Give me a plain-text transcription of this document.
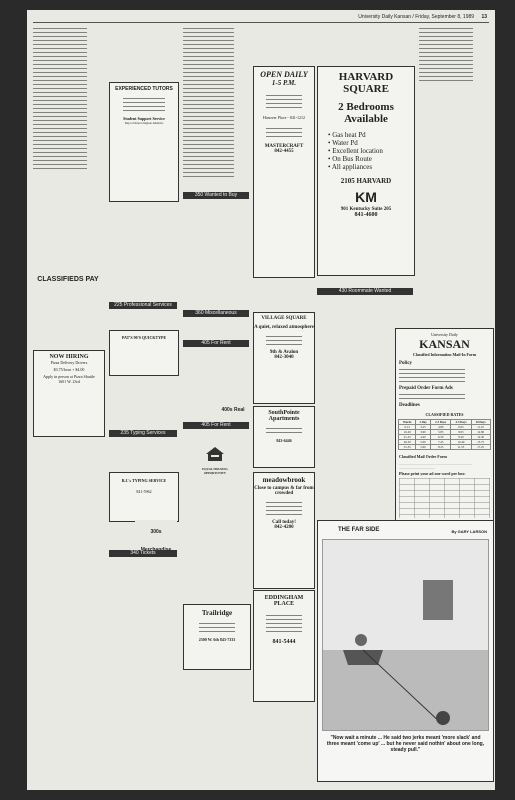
University Daily Kansan / Friday, September 8, 1989 13
▬▬▬▬▬▬▬▬▬▬▬▬▬▬▬▬▬▬ ▬▬▬▬▬▬▬▬▬▬▬▬▬▬▬▬▬▬ ▬▬▬▬▬▬▬▬▬▬▬▬▬▬▬▬▬▬ ▬▬▬▬▬▬▬▬▬▬▬▬▬▬▬▬▬▬ ▬▬▬▬▬▬▬▬▬▬▬▬▬▬▬▬▬▬ ▬▬▬▬▬▬▬▬▬▬▬▬▬▬▬▬▬▬ ▬▬▬▬▬▬▬▬▬▬▬▬▬▬▬▬▬▬ ▬▬▬▬▬▬▬▬▬▬▬▬▬▬▬▬▬▬ ▬▬▬▬▬▬▬▬▬▬▬▬▬▬▬▬▬▬ ▬▬▬▬▬▬▬▬▬▬▬▬▬▬▬▬▬▬ ▬▬▬▬▬▬▬▬▬▬▬▬▬▬▬▬▬▬ ▬▬▬▬▬▬▬▬▬▬▬▬▬▬▬▬▬▬ ▬▬▬▬▬▬▬▬▬▬▬▬▬▬▬▬▬▬ ▬▬▬▬▬▬▬▬▬▬▬▬▬▬▬▬▬▬ ▬▬▬▬▬▬▬▬▬▬▬▬▬▬▬▬▬▬ ▬▬▬▬▬▬▬▬▬▬▬▬▬▬▬▬▬▬ ▬▬▬▬▬▬▬▬▬▬▬▬▬▬▬▬▬▬ ▬▬▬▬▬▬▬▬▬▬▬▬▬▬▬▬▬▬ ▬▬▬▬▬▬▬▬▬▬▬▬▬▬▬▬▬▬ ▬▬▬▬▬▬▬▬▬▬▬▬▬▬▬▬▬▬ ▬▬▬▬▬▬▬▬▬▬▬▬▬▬▬▬▬▬ ▬▬▬▬▬▬▬▬▬▬▬▬▬▬▬▬▬▬ ▬▬▬▬▬▬▬▬▬▬▬▬▬▬▬▬▬▬ ▬▬▬▬▬▬▬▬▬▬▬▬▬▬▬▬▬▬ ▬▬▬▬▬▬▬▬▬▬▬▬▬▬▬▬▬▬ ▬▬▬▬▬▬▬▬▬▬▬▬▬▬▬▬▬▬ ▬▬▬▬▬▬▬▬▬▬▬▬▬▬▬▬▬▬ ▬▬▬▬▬▬▬▬▬▬▬▬▬▬▬▬▬▬ ▬▬▬▬▬▬▬▬▬▬▬▬▬▬▬▬▬▬ ▬▬▬▬▬▬▬▬▬▬▬▬▬▬▬▬▬▬ ▬▬▬▬▬▬▬▬▬▬▬▬▬▬▬▬▬▬ ▬▬▬▬▬▬▬▬▬▬▬▬▬▬▬▬▬▬ ▬▬▬▬▬▬▬▬▬▬▬▬▬▬▬▬▬▬ ▬▬▬▬▬▬▬▬▬▬▬▬▬▬▬▬▬▬ ▬▬▬▬▬▬▬▬▬▬▬▬▬▬▬▬▬▬ ▬▬▬▬▬▬▬▬▬▬▬▬▬▬▬▬▬▬
CLASSIFIEDS PAY
NOW HIRING
Pizza Delivery Drivers
$3.75/hour + $4.00
Apply in person at Pizza Shuttle
1601 W. 23rd
EXPERIENCED TUTORS
▬▬▬▬▬▬▬▬▬▬▬▬▬▬ ▬▬▬▬▬▬▬▬▬▬▬▬▬▬ ▬▬▬▬▬▬▬▬▬▬▬▬▬▬ ▬▬▬▬▬▬▬▬▬▬▬▬▬▬
Student Support Service
Dept of Intercollegiate Athletics
225 Professional Services
PAT'S 90'S QUICKTYPE
235 Typing Services
B.J.'s TYPING SERVICE
841-5962
300s
340 Tickets
▬▬▬▬▬▬▬▬▬▬▬▬▬▬▬▬▬ ▬▬▬▬▬▬▬▬▬▬▬▬▬▬▬▬▬ ▬▬▬▬▬▬▬▬▬▬▬▬▬▬▬▬▬ ▬▬▬▬▬▬▬▬▬▬▬▬▬▬▬▬▬ ▬▬▬▬▬▬▬▬▬▬▬▬▬▬▬▬▬ ▬▬▬▬▬▬▬▬▬▬▬▬▬▬▬▬▬ ▬▬▬▬▬▬▬▬▬▬▬▬▬▬▬▬▬ ▬▬▬▬▬▬▬▬▬▬▬▬▬▬▬▬▬ ▬▬▬▬▬▬▬▬▬▬▬▬▬▬▬▬▬ ▬▬▬▬▬▬▬▬▬▬▬▬▬▬▬▬▬ ▬▬▬▬▬▬▬▬▬▬▬▬▬▬▬▬▬ ▬▬▬▬▬▬▬▬▬▬▬▬▬▬▬▬▬ ▬▬▬▬▬▬▬▬▬▬▬▬▬▬▬▬▬ ▬▬▬▬▬▬▬▬▬▬▬▬▬▬▬▬▬ ▬▬▬▬▬▬▬▬▬▬▬▬▬▬▬▬▬ ▬▬▬▬▬▬▬▬▬▬▬▬▬▬▬▬▬ ▬▬▬▬▬▬▬▬▬▬▬▬▬▬▬▬▬ ▬▬▬▬▬▬▬▬▬▬▬▬▬▬▬▬▬ ▬▬▬▬▬▬▬▬▬▬▬▬▬▬▬▬▬ ▬▬▬▬▬▬▬▬▬▬▬▬▬▬▬▬▬ ▬▬▬▬▬▬▬▬▬▬▬▬▬▬▬▬▬ ▬▬▬▬▬▬▬▬▬▬▬▬▬▬▬▬▬ ▬▬▬▬▬▬▬▬▬▬▬▬▬▬▬▬▬ ▬▬▬▬▬▬▬▬▬▬▬▬▬▬▬▬▬ ▬▬▬▬▬▬▬▬▬▬▬▬▬▬▬▬▬ ▬▬▬▬▬▬▬▬▬▬▬▬▬▬▬▬▬ ▬▬▬▬▬▬▬▬▬▬▬▬▬▬▬▬▬ ▬▬▬▬▬▬▬▬▬▬▬▬▬▬▬▬▬ ▬▬▬▬▬▬▬▬▬▬▬▬▬▬▬▬▬ ▬▬▬▬▬▬▬▬▬▬▬▬▬▬▬▬▬ ▬▬▬▬▬▬▬▬▬▬▬▬▬▬▬▬▬ ▬▬▬▬▬▬▬▬▬▬▬▬▬▬▬▬▬ ▬▬▬▬▬▬▬▬▬▬▬▬▬▬▬▬▬ ▬▬▬▬▬▬▬▬▬▬▬▬▬▬▬▬▬ ▬▬▬▬▬▬▬▬▬▬▬▬▬▬▬▬▬ ▬▬▬▬▬▬▬▬▬▬▬▬▬▬▬▬▬ ▬▬▬▬▬▬▬▬▬▬▬▬▬▬▬▬▬ ▬▬▬▬▬▬▬▬▬▬▬▬▬▬▬▬▬
350 Wanted to Buy
360 Miscellaneous
405 For Rent
400s Real
405 For Rent
EQUAL HOUSING OPPORTUNITY
Trailridge
▬▬▬▬▬▬▬▬▬▬▬▬ ▬▬▬▬▬▬▬▬▬▬▬▬ ▬▬▬▬▬▬▬▬▬▬▬▬
2500 W. 6th 843-7333
OPEN DAILY
1-5 P.M.
▬▬▬▬▬▬▬▬▬▬▬▬ ▬▬▬▬▬▬▬▬▬▬▬▬ ▬▬▬▬▬▬▬▬▬▬▬▬ ▬▬▬▬▬▬▬▬▬▬▬▬
Hanover Place - 841-1212
▬▬▬▬▬▬▬▬▬▬▬▬ ▬▬▬▬▬▬▬▬▬▬▬▬ ▬▬▬▬▬▬▬▬▬▬▬▬
MASTERCRAFT
842-4455
VILLAGE SQUARE
A quiet, relaxed atmosphere
▬▬▬▬▬▬▬▬▬▬▬▬ ▬▬▬▬▬▬▬▬▬▬▬▬ ▬▬▬▬▬▬▬▬▬▬▬▬
9th & Avalon
842-3040
SouthPointe Apartments
▬▬▬▬▬▬▬▬▬▬▬▬ ▬▬▬▬▬▬▬▬▬▬▬▬
843-6446
meadowbrook
Close to campus & far from crowded
▬▬▬▬▬▬▬▬▬▬▬▬ ▬▬▬▬▬▬▬▬▬▬▬▬ ▬▬▬▬▬▬▬▬▬▬▬▬ ▬▬▬▬▬▬▬▬▬▬▬▬
Call today!
842-4200
EDDINGHAM PLACE
▬▬▬▬▬▬▬▬▬▬▬▬ ▬▬▬▬▬▬▬▬▬▬▬▬ ▬▬▬▬▬▬▬▬▬▬▬▬ ▬▬▬▬▬▬▬▬▬▬▬▬ ▬▬▬▬▬▬▬▬▬▬▬▬
841-5444
HARVARD
SQUARE
2 Bedrooms
Available
• Gas heat Pd
• Water Pd
• Excellent location
• On Bus Route
• All appliances
2105 HARVARD
KM
901 Kentucky Suite 205
841-4600
430 Roommate Wanted
▬▬▬▬▬▬▬▬▬▬▬▬▬▬▬▬▬▬ ▬▬▬▬▬▬▬▬▬▬▬▬▬▬▬▬▬▬ ▬▬▬▬▬▬▬▬▬▬▬▬▬▬▬▬▬▬ ▬▬▬▬▬▬▬▬▬▬▬▬▬▬▬▬▬▬ ▬▬▬▬▬▬▬▬▬▬▬▬▬▬▬▬▬▬ ▬▬▬▬▬▬▬▬▬▬▬▬▬▬▬▬▬▬ ▬▬▬▬▬▬▬▬▬▬▬▬▬▬▬▬▬▬ ▬▬▬▬▬▬▬▬▬▬▬▬▬▬▬▬▬▬ ▬▬▬▬▬▬▬▬▬▬▬▬▬▬▬▬▬▬ ▬▬▬▬▬▬▬▬▬▬▬▬▬▬▬▬▬▬ ▬▬▬▬▬▬▬▬▬▬▬▬▬▬▬▬▬▬ ▬▬▬▬▬▬▬▬▬▬▬▬▬▬▬▬▬▬ ▬▬▬▬▬▬▬▬▬▬▬▬▬▬▬▬▬▬ ▬▬▬▬▬▬▬▬▬▬▬▬▬▬▬▬▬▬
University Daily
KANSAN
Classified Information Mail-In Form
Policy
▬▬▬▬▬▬▬▬▬▬▬▬▬▬▬▬▬▬▬▬▬▬ ▬▬▬▬▬▬▬▬▬▬▬▬▬▬▬▬▬▬▬▬▬▬ ▬▬▬▬▬▬▬▬▬▬▬▬▬▬▬▬▬▬▬▬▬▬ ▬▬▬▬▬▬▬▬▬▬▬▬▬▬▬▬▬▬▬▬▬▬
Prepaid Order Form Ads
▬▬▬▬▬▬▬▬▬▬▬▬▬▬▬▬▬▬▬▬▬▬ ▬▬▬▬▬▬▬▬▬▬▬▬▬▬▬▬▬▬▬▬▬▬
Deadlines
CLASSIFIED RATES
Words	1 Day	2-3 Days	4-5 Days	10 Days
0-15	3.25	4.80	6.05	11.25
16-20	3.90	5.85	8.05	12.80
21-25	4.40	6.50	8.20	14.30
26-30	5.00	7.45	10.40	15.75
31-35	5.60	8.25	11.55	17.25
Classified Mail Order Form
________________________ ________________________ ________________________
Please print your ad one word per box:
THE FAR SIDE	By GARY LARSON
"Now wait a minute ... He said two jerks meant 'more slack' and three meant 'come up' ... but he never said nothin' about one long, steady pull."
